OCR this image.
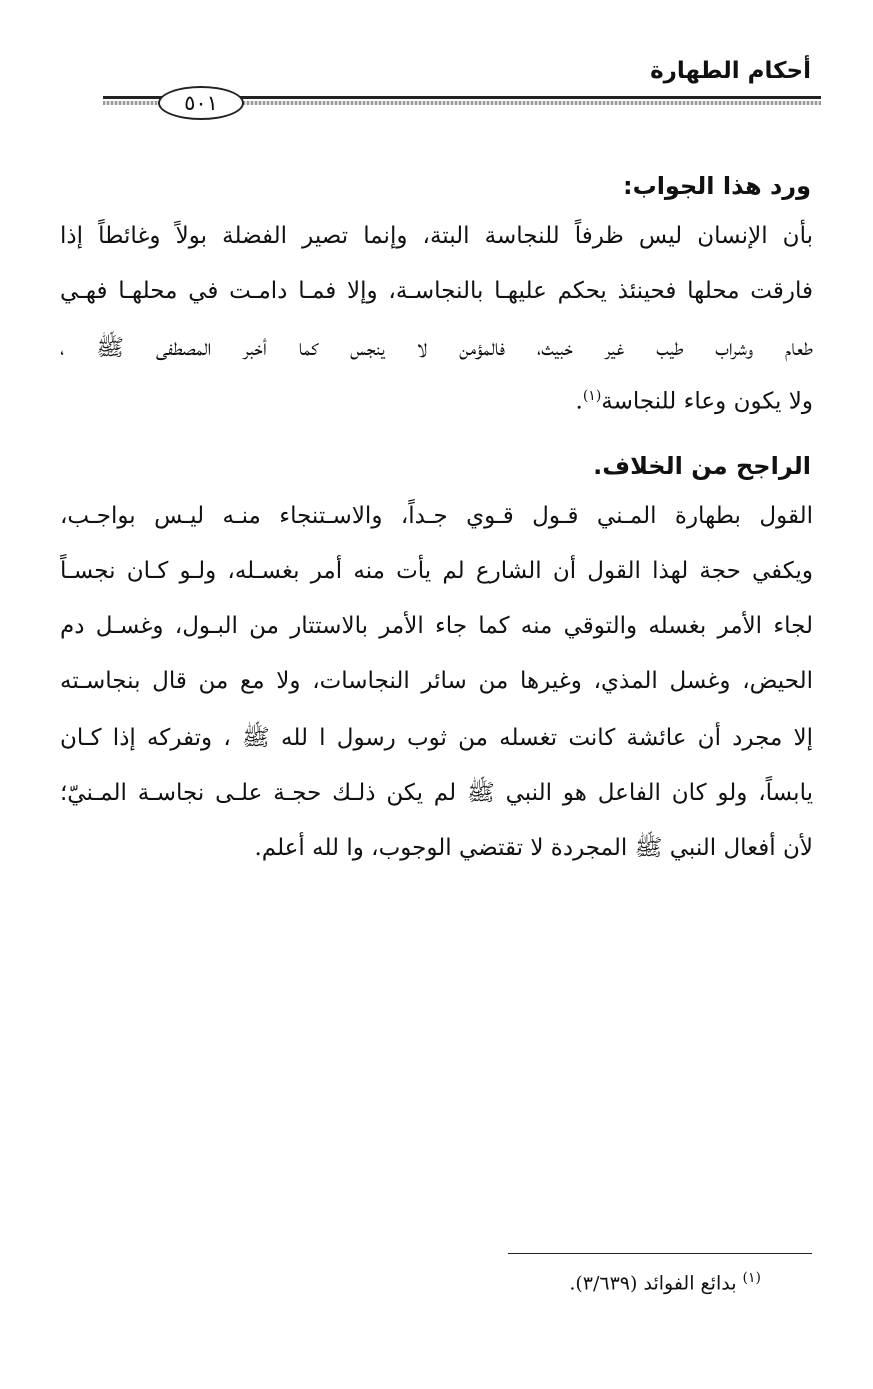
أحكام الطهارة
٥٠١
ورد هذا الجواب:
بأن الإنسان ليس ظرفاً للنجاسة البتة، وإنما تصير الفضلة بولاً وغائطاً إذا
فارقت محلها فحينئذ يحكم عليهـا بالنجاسـة، وإلا فمـا دامـت في محلهـا فهـي
طعام وشراب طيب غير خبيث، فالمؤمن لا ينجس كما أخبر المصطفى ﷺ ،
ولا يكون وعاء للنجاسة$^{(١)}$.
الراجح من الخلاف.
القول بطهارة المـني قـول قـوي جـداً، والاسـتنجاء منـه ليـس بواجـب،
ويكفي حجة لهذا القول أن الشارع لم يأت منه أمر بغسـله، ولـو كـان نجسـاً
لجاء الأمر بغسله والتوقي منه كما جاء الأمر بالاستتار من البـول، وغسـل دم
الحيض، وغسل المذي، وغيرها من سائر النجاسات، ولا مع من قال بنجاسـته
إلا مجرد أن عائشة كانت تغسله من ثوب رسول ا لله ﷺ ، وتفركه إذا كـان
يابساً، ولو كان الفاعل هو النبي ﷺ لم يكن ذلـك حجـة علـى نجاسـة المـنيّ؛
لأن أفعال النبي ﷺ المجردة لا تقتضي الوجوب، وا لله أعلم.
$^{(١)}$ بدائع الفوائد (٣/٦٣٩).
